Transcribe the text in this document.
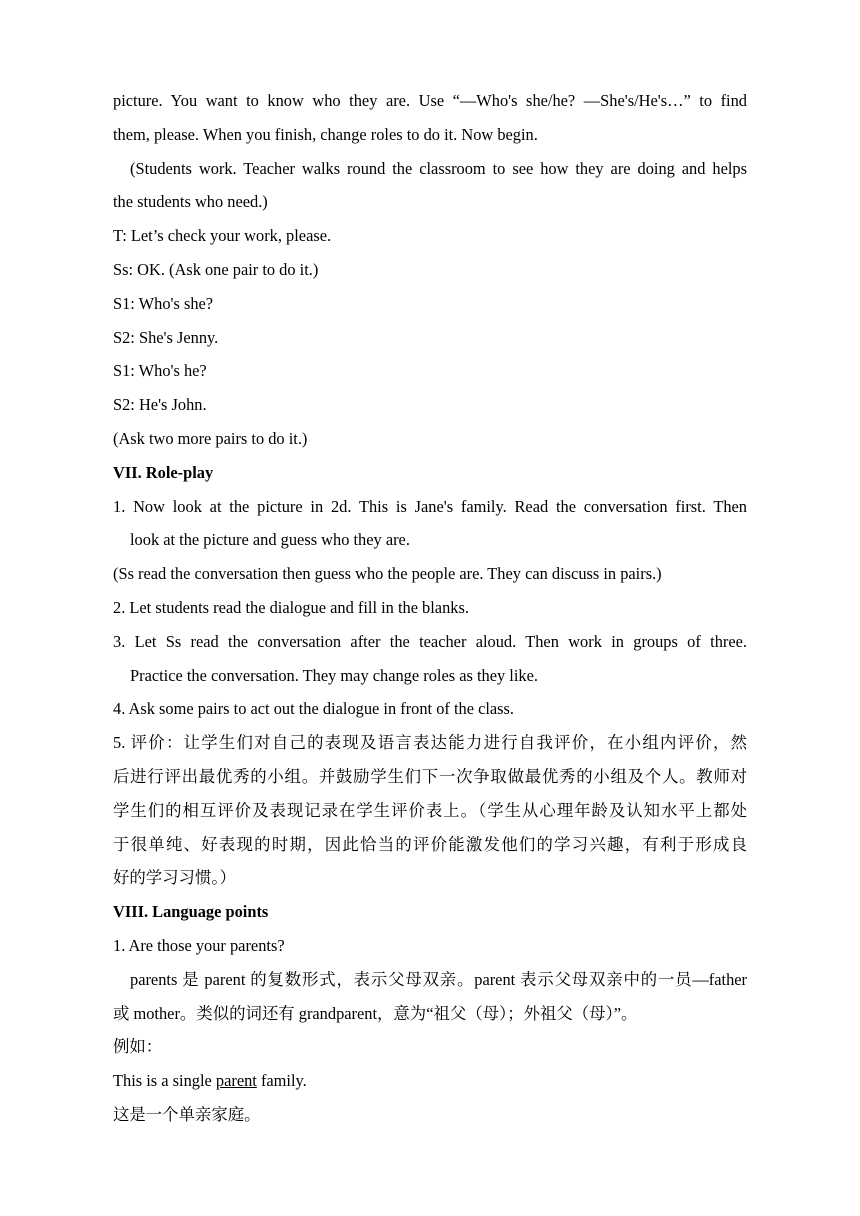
picture. You want to know who they are. Use “—Who's she/he? —She's/He's…” to find
them, please. When you finish, change roles to do it. Now begin.
(Students work. Teacher walks round the classroom to see how they are doing and helps
the students who need.)
T: Let’s check your work, please.
Ss: OK. (Ask one pair to do it.)
S1: Who's she?
S2: She's Jenny.
S1: Who's he?
S2: He's John.
(Ask two more pairs to do it.)
VII. Role-play
1. Now look at the picture in 2d. This is Jane's family. Read the conversation first. Then
look at the picture and guess who they are.
(Ss read the conversation then guess who the people are. They can discuss in pairs.)
2. Let students read the dialogue and fill in the blanks.
3. Let Ss read the conversation after the teacher aloud. Then work in groups of three.
Practice the conversation. They may change roles as they like.
4. Ask some pairs to act out the dialogue in front of the class.
5. 评价：让学生们对自己的表现及语言表达能力进行自我评价，在小组内评价，然
后进行评出最优秀的小组。并鼓励学生们下一次争取做最优秀的小组及个人。教师对
学生们的相互评价及表现记录在学生评价表上。（学生从心理年龄及认知水平上都处
于很单纯、好表现的时期，因此恰当的评价能激发他们的学习兴趣，有利于形成良
好的学习习惯。）
VIII. Language points
1. Are those your parents?
parents 是 parent 的复数形式，表示父母双亲。parent 表示父母双亲中的一员—father
或 mother。类似的词还有 grandparent，意为“祖父（母）；外祖父（母）”。
例如：
This is a single parent family.
这是一个单亲家庭。
